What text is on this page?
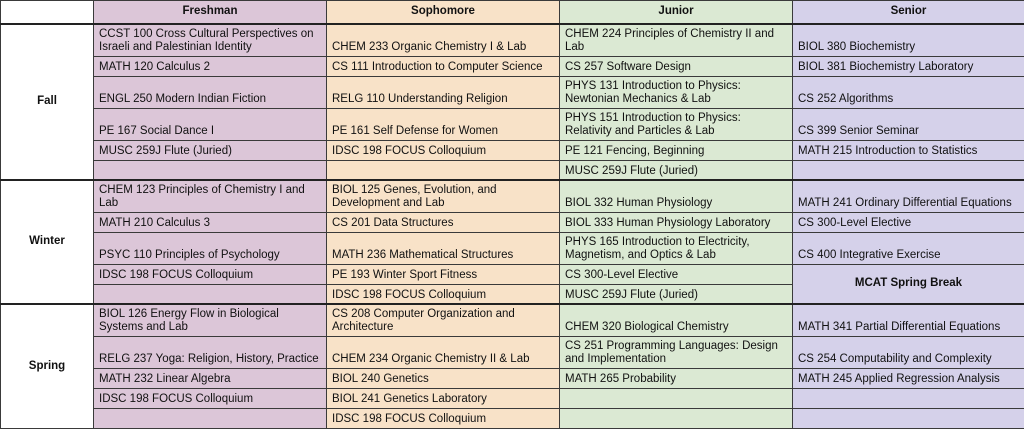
	Freshman	Sophomore	Junior	Senior
Fall	CCST 100 Cross Cultural Perspectives on Israeli and Palestinian Identity	CHEM 233 Organic Chemistry I & Lab	CHEM 224 Principles of Chemistry II and Lab	BIOL 380 Biochemistry
	MATH 120 Calculus 2	CS 111 Introduction to Computer Science	CS 257 Software Design	BIOL 381 Biochemistry Laboratory
	ENGL 250 Modern Indian Fiction	RELG 110 Understanding Religion	PHYS 131 Introduction to Physics: Newtonian Mechanics & Lab	CS 252 Algorithms
	PE 167 Social Dance I	PE 161 Self Defense for Women	PHYS 151 Introduction to Physics: Relativity and Particles & Lab	CS 399 Senior Seminar
	MUSC 259J Flute (Juried)	IDSC 198 FOCUS Colloquium	PE 121 Fencing, Beginning	MATH 215 Introduction to Statistics
			MUSC 259J Flute (Juried)	
Winter	CHEM 123 Principles of Chemistry I and Lab	BIOL 125 Genes, Evolution, and Development and Lab	BIOL 332 Human Physiology	MATH 241 Ordinary Differential Equations
	MATH 210 Calculus 3	CS 201 Data Structures	BIOL 333 Human Physiology Laboratory	CS 300-Level Elective
	PSYC 110 Principles of Psychology	MATH 236 Mathematical Structures	PHYS 165 Introduction to Electricity, Magnetism, and Optics & Lab	CS 400 Integrative Exercise
	IDSC 198 FOCUS Colloquium	PE 193 Winter Sport Fitness	CS 300-Level Elective	MCAT Spring Break
		IDSC 198 FOCUS Colloquium	MUSC 259J Flute (Juried)	
Spring	BIOL 126 Energy Flow in Biological Systems and Lab	CS 208 Computer Organization and Architecture	CHEM 320 Biological Chemistry	MATH 341 Partial Differential Equations
	RELG 237 Yoga: Religion, History, Practice	CHEM 234 Organic Chemistry II & Lab	CS 251 Programming Languages: Design and Implementation	CS 254 Computability and Complexity
	MATH 232 Linear Algebra	BIOL 240 Genetics	MATH 265 Probability	MATH 245 Applied Regression Analysis
	IDSC 198 FOCUS Colloquium	BIOL 241 Genetics Laboratory		
		IDSC 198 FOCUS Colloquium		
